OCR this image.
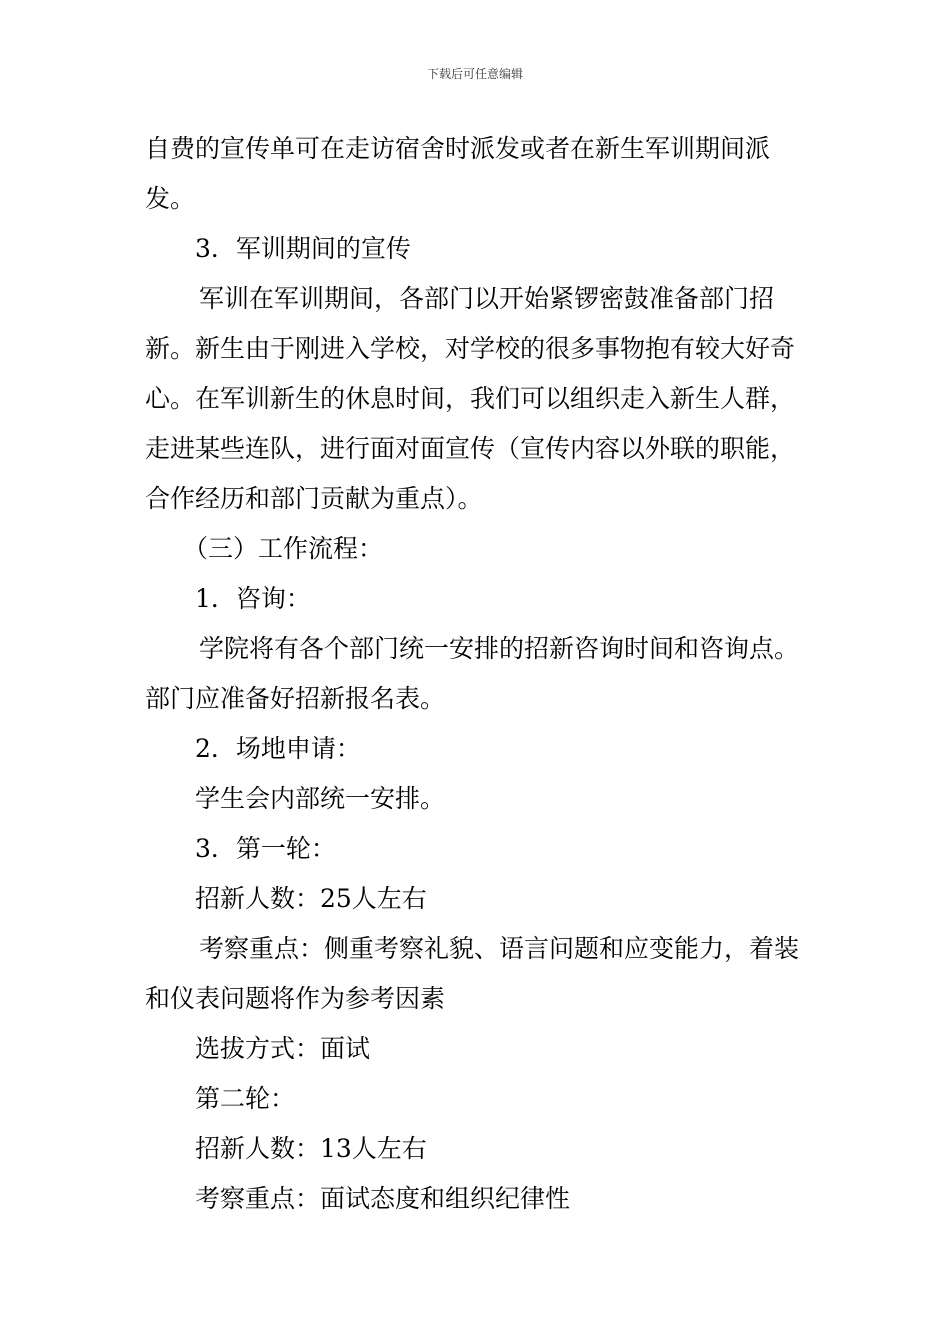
下载后可任意编辑

自费的宣传单可在走访宿舍时派发或者在新生军训期间派发。

3．军训期间的宣传

军训在军训期间，各部门以开始紧锣密鼓准备部门招新。新生由于刚进入学校，对学校的很多事物抱有较大好奇心。在军训新生的休息时间，我们可以组织走入新生人群，走进某些连队，进行面对面宣传（宣传内容以外联的职能，合作经历和部门贡献为重点）。

（三）工作流程：

1．咨询：

学院将有各个部门统一安排的招新咨询时间和咨询点。部门应准备好招新报名表。

2．场地申请：

学生会内部统一安排。

3．第一轮：

招新人数：25人左右

考察重点：侧重考察礼貌、语言问题和应变能力，着装和仪表问题将作为参考因素

选拔方式：面试

第二轮：

招新人数：13人左右

考察重点：面试态度和组织纪律性
